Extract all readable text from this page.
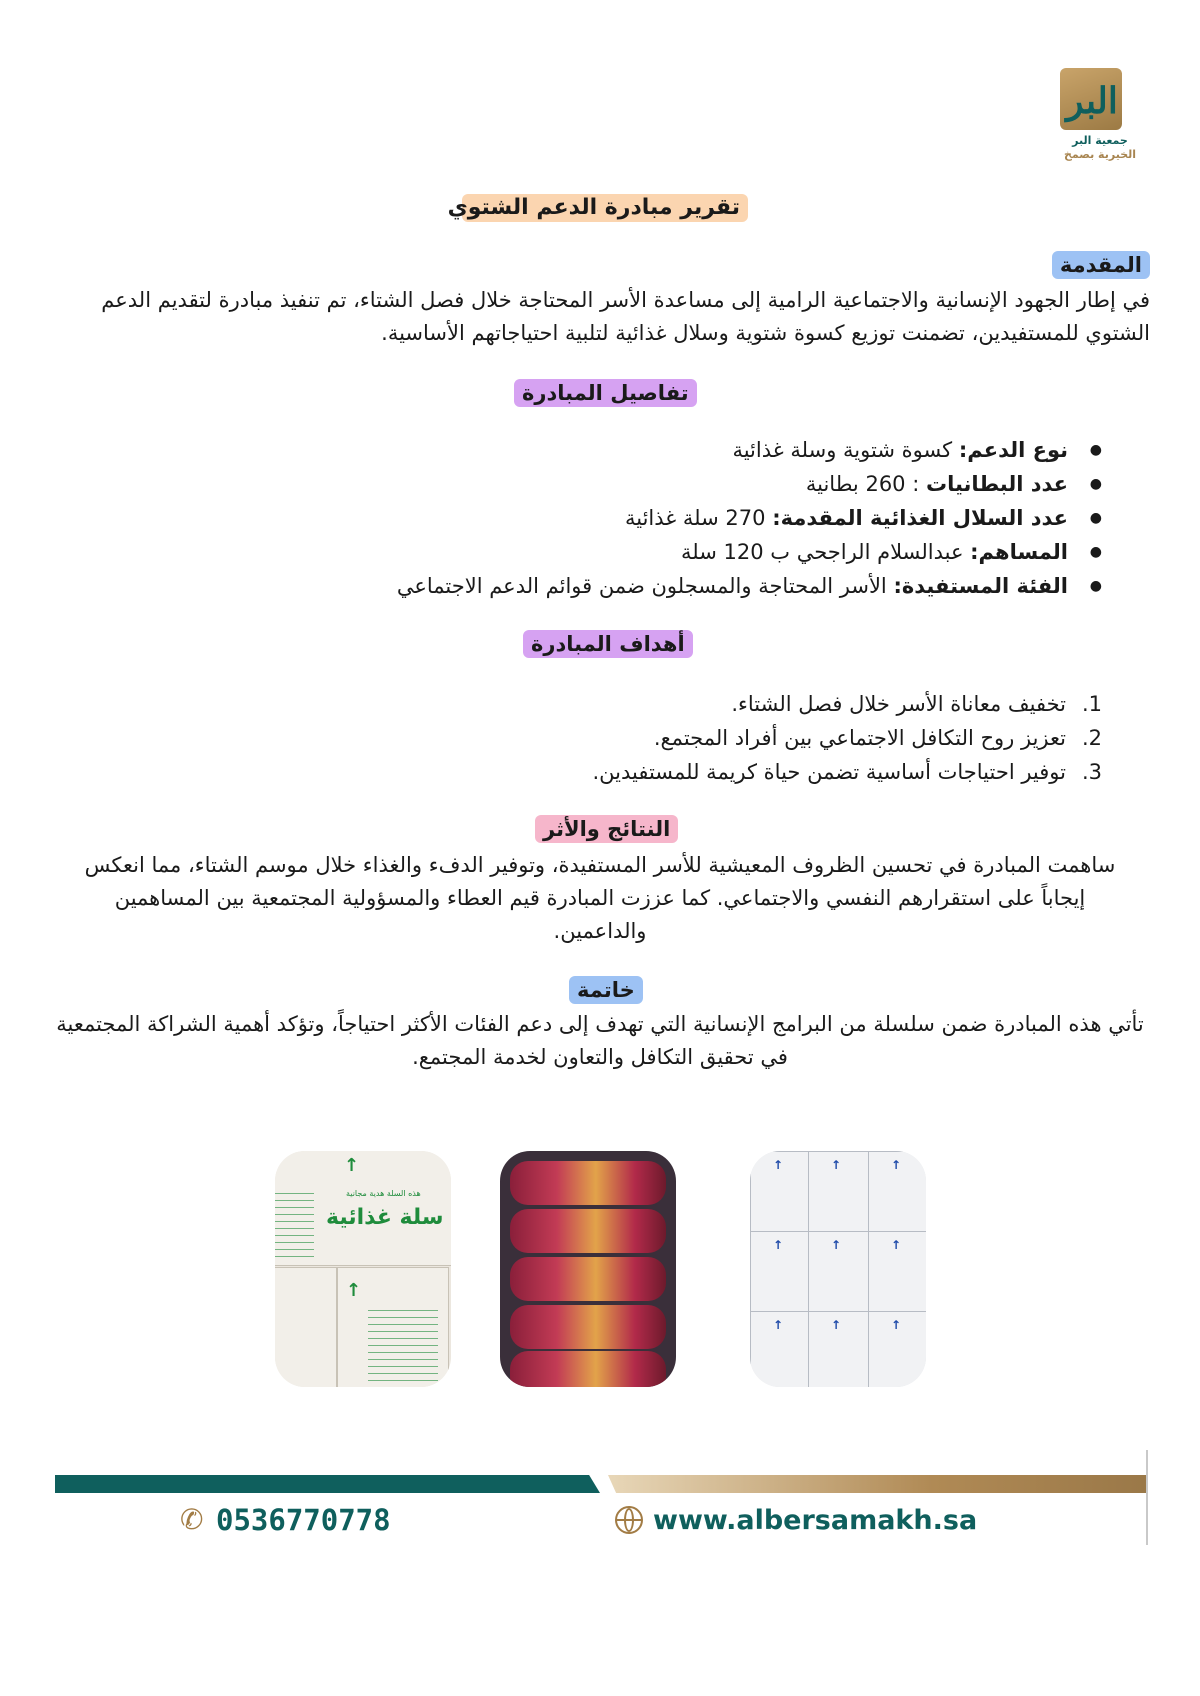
البر
جمعية البر
الخيرية بصمخ
تقرير مبادرة الدعم الشتوي
المقدمة
في إطار الجهود الإنسانية والاجتماعية الرامية إلى مساعدة الأسر المحتاجة خلال فصل الشتاء، تم تنفيذ مبادرة لتقديم الدعم الشتوي للمستفيدين، تضمنت توزيع كسوة شتوية وسلال غذائية لتلبية احتياجاتهم الأساسية.
تفاصيل المبادرة
● نوع الدعم: كسوة شتوية وسلة غذائية
● عدد البطانيات : 260 بطانية
● عدد السلال الغذائية المقدمة: 270 سلة غذائية
● المساهم: عبدالسلام الراجحي ب 120 سلة
● الفئة المستفيدة: الأسر المحتاجة والمسجلون ضمن قوائم الدعم الاجتماعي
أهداف المبادرة
1.
تخفيف معاناة الأسر خلال فصل الشتاء.
2.
تعزيز روح التكافل الاجتماعي بين أفراد المجتمع.
3.
توفير احتياجات أساسية تضمن حياة كريمة للمستفيدين.
النتائج والأثر
ساهمت المبادرة في تحسين الظروف المعيشية للأسر المستفيدة، وتوفير الدفء والغذاء خلال موسم الشتاء، مما انعكس إيجاباً على استقرارهم النفسي والاجتماعي. كما عززت المبادرة قيم العطاء والمسؤولية المجتمعية بين المساهمين والداعمين.
خاتمة
تأتي هذه المبادرة ضمن سلسلة من البرامج الإنسانية التي تهدف إلى دعم الفئات الأكثر احتياجاً، وتؤكد أهمية الشراكة المجتمعية في تحقيق التكافل والتعاون لخدمة المجتمع.
↑
هذه السلة هدية مجانية
سلة غذائية
↑
↑	↑	↑
↑	↑	↑
↑	↑	↑
✆ 0536770778	www.albersamakh.sa
